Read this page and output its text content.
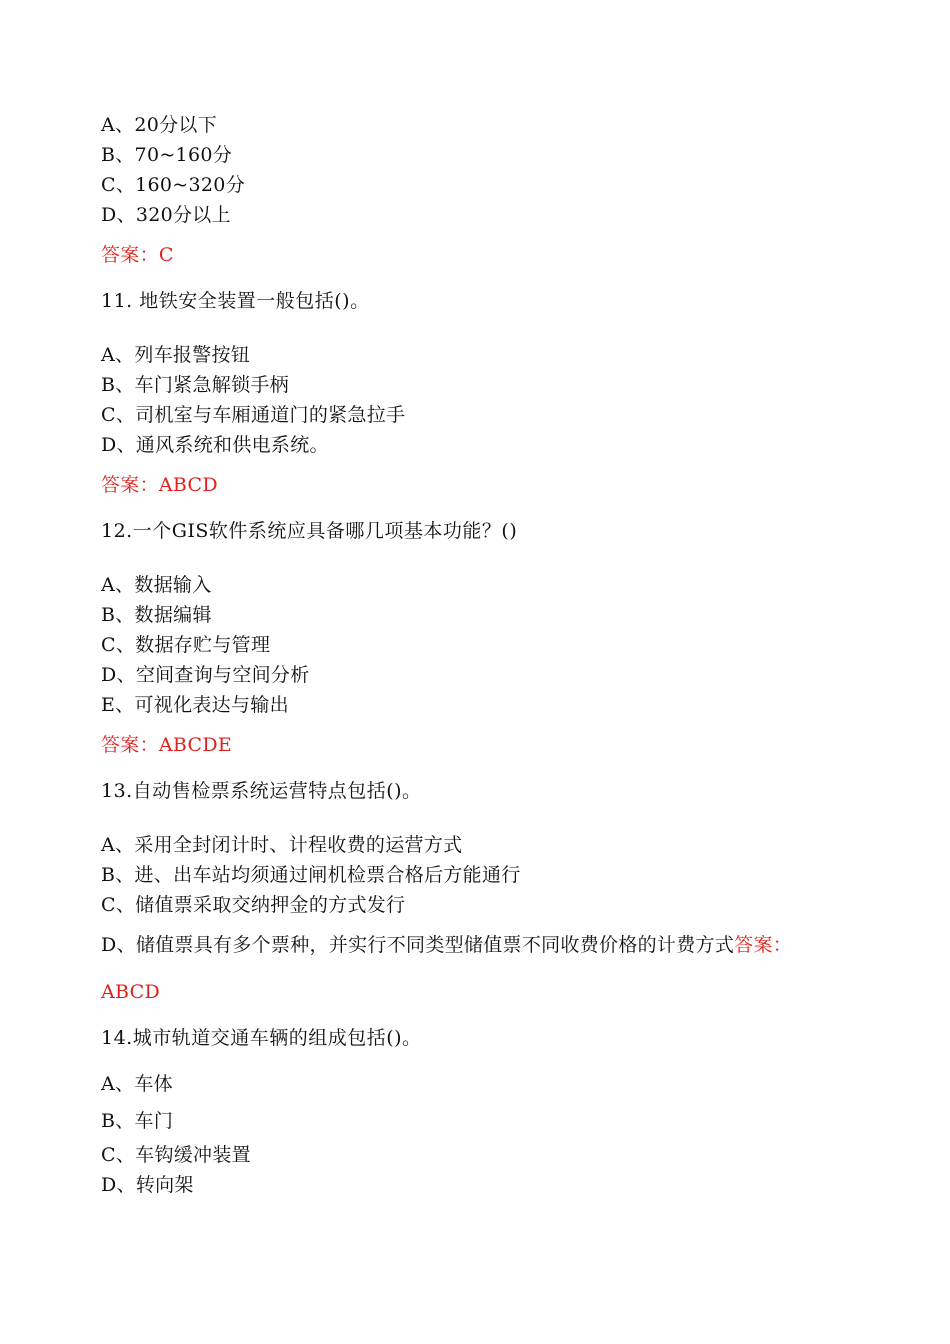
A、20分以下
B、70~160分
C、160~320分
D、320分以上
答案：C
11. 地铁安全装置一般包括()。
A、列车报警按钮
B、车门紧急解锁手柄
C、司机室与车厢通道门的紧急拉手
D、通风系统和供电系统。
答案：ABCD
12.一个GIS软件系统应具备哪几项基本功能？()
A、数据输入
B、数据编辑
C、数据存贮与管理
D、空间查询与空间分析
E、可视化表达与输出
答案：ABCDE
13.自动售检票系统运营特点包括()。
A、采用全封闭计时、计程收费的运营方式
B、进、出车站均须通过闸机检票合格后方能通行
C、储值票采取交纳押金的方式发行
D、储值票具有多个票种，并实行不同类型储值票不同收费价格的计费方式答案：
ABCD
14.城市轨道交通车辆的组成包括()。
A、车体
B、车门
C、车钩缓冲装置
D、转向架
